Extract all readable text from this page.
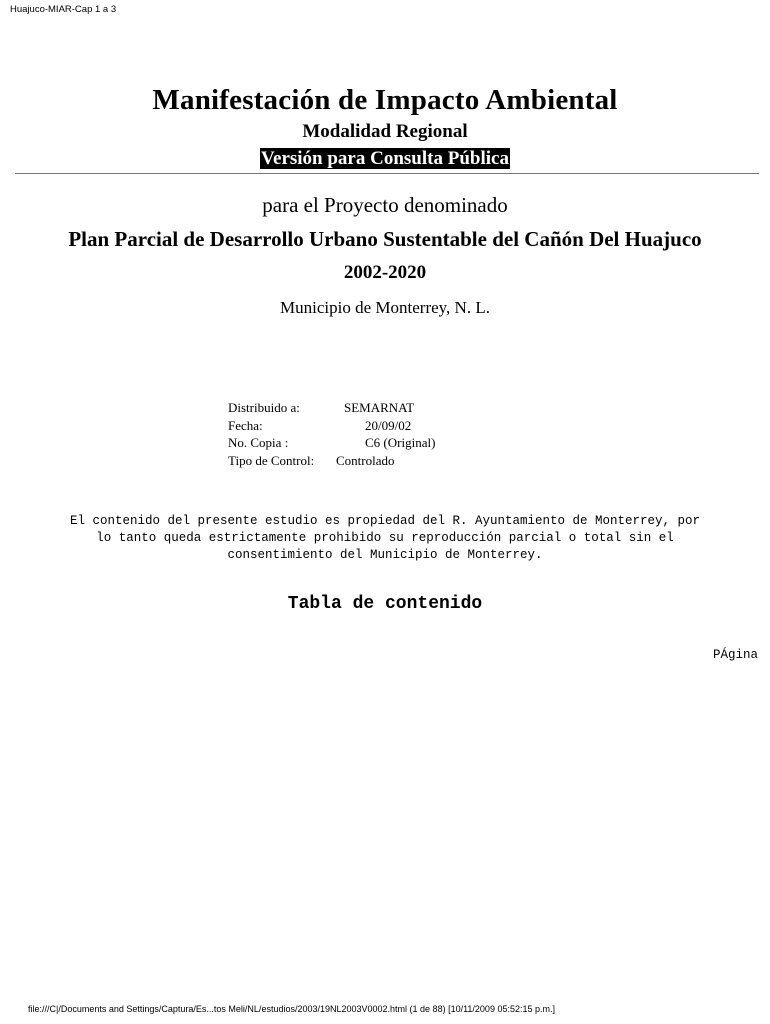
Huajuco-MIAR-Cap 1 a 3
Manifestación de Impacto Ambiental
Modalidad Regional
Versión para Consulta Pública
para el Proyecto denominado
Plan Parcial de Desarrollo Urbano Sustentable del Cañón Del Huajuco
2002-2020
Municipio de Monterrey, N. L.
Distribuido a:	SEMARNAT
Fecha:	20/09/02
No. Copia :	C6 (Original)
Tipo de Control: Controlado
El contenido del presente estudio es propiedad del R. Ayuntamiento de Monterrey, por
lo tanto queda estrictamente prohibido su reproducción parcial o total sin el
consentimiento del Municipio de Monterrey.
Tabla de contenido
PÁgina
file:///C|/Documents and Settings/Captura/Es...tos Meli/NL/estudios/2003/19NL2003V0002.html (1 de 88) [10/11/2009 05:52:15 p.m.]
